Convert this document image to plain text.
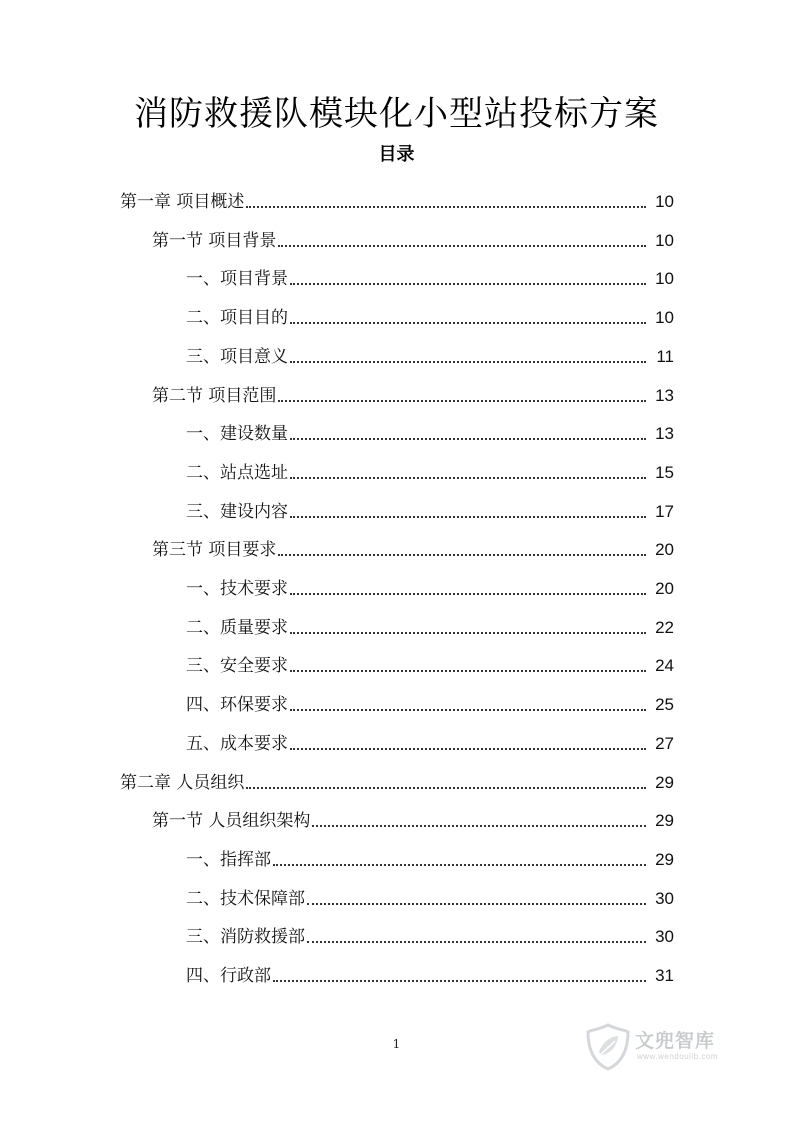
消防救援队模块化小型站投标方案
目录
第一章 项目概述	10
第一节 项目背景	10
一、项目背景	10
二、项目目的	10
三、项目意义	11
第二节 项目范围	13
一、建设数量	13
二、站点选址	15
三、建设内容	17
第三节 项目要求	20
一、技术要求	20
二、质量要求	22
三、安全要求	24
四、环保要求	25
五、成本要求	27
第二章 人员组织	29
第一节 人员组织架构	29
一、指挥部	29
二、技术保障部	30
三、消防救援部	30
四、行政部	31
1	文兜智库
www.wendoulib.com
